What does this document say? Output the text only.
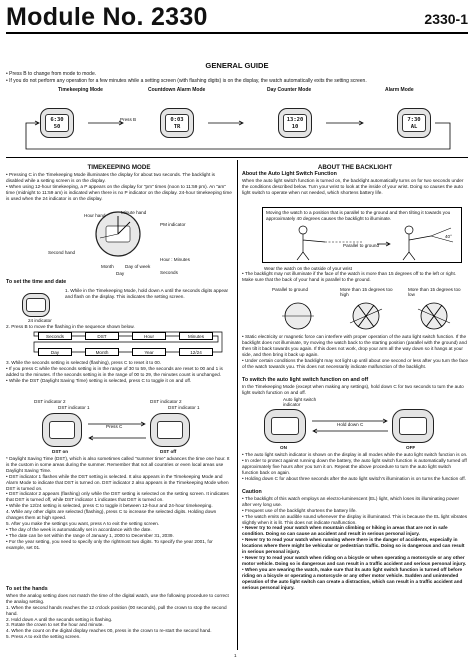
Module No. 2330	2330-1
GENERAL GUIDE
• Press B to change from mode to mode.
• If you do not perform any operation for a few minutes while a setting screen (with flashing digits) is on the display, the watch automatically exits the setting screen.
Timekeeping Mode	Countdown Alarm Mode	Day Counter Mode	Alarm Mode
Press B
6:30 50
0:03 TR
13:20 10
7:30 AL
TIMEKEEPING MODE
• Pressing C in the Timekeeping Mode illuminates the display for about two seconds. The backlight is disabled while a setting screen is on the display.
• When using 12-hour timekeeping, a P appears on the display for "pm" times (noon to 11:59 pm). An "am" time (midnight to 11:59 am) is indicated when there is no P indicator on the display. 24-hour timekeeping time is used when the 24 indicator is on the display.
Hour hand
Minute hand
PM indicator
Second hand
Hour : Minutes
Month Day of week
Day	Seconds
To set the time and date
1. While in the Timekeeping Mode, hold down A until the seconds digits appear and flash on the display. This indicates the setting screen.
24 indicator
2. Press B to move the flashing in the sequence shown below.
Seconds	DST	Hour	Minutes
Day	Month	Year	12/24
3. While the seconds setting is selected (flashing), press C to reset it to 00.
• If you press C while the seconds setting is in the range of 30 to 59, the seconds are reset to 00 and 1 is added to the minutes. If the seconds setting is in the range of 00 to 29, the minutes count is unchanged.
• While the DST (Daylight Saving Time) setting is selected, press C to toggle it on and off.
DST indicator 2	DST indicator 2
DST indicator 1	DST indicator 1
Press C
DST on	DST off
* Daylight Saving Time (DST), which is also sometimes called "summer time" advances the time one hour. It is the custom in some areas during the summer. Remember that not all countries or even local areas use Daylight Saving Time.
• DST indicator 1 flashes while the DST setting is selected. It also appears in the Timekeeping Mode and Alarm Mode to indicate that DST is turned on. DST indicator 2 also appears in the Timekeeping Mode when DST is turned on.
• DST indicator 2 appears (flashing) only while the DST setting is selected on the setting screen. It indicates that DST is turned off, while DST indicator 1 indicates that DST is turned on.
• While the 12/24 setting is selected, press C to toggle it between 12-hour and 24-hour timekeeping.
4. While any other digits are selected (flashing), press C to increase the selected digits. Holding down changes them at high speed.
5. After you make the settings you want, press A to exit the setting screen.
• The day of the week is automatically set in accordance with the date.
• The date can be set within the range of January 1, 2000 to December 31, 2039.
• For the year setting, you need to specify only the rightmost two digits. To specify the year 2001, for example, set 01.
To set the hands
When the analog setting does not match the time of the digital watch, use the following procedure to correct the analog setting.
1. When the second hands reaches the 12 o'clock position (00 seconds), pull the crown to stop the second hand.
2. Hold down A until the seconds setting is flashing.
3. Rotate the crown to set the hour and minute.
4. When the count on the digital display reaches 00, press in the crown to re-start the second hand.
5. Press A to exit the setting screen.
ABOUT THE BACKLIGHT
About the Auto Light Switch Function
When the auto light switch function is turned on, the backlight automatically turns on for two seconds under the conditions described below. Turn your wrist to look at the inside of your wrist. Doing so causes the auto light switch to operate when not needed, which shortens battery life.
Moving the watch to a position that is parallel to the ground and then tilting it towards you approximately 40 degrees causes the backlight to illuminate.
Parallel to ground
40°
Wear the watch on the outside of your wrist
• The backlight may not illuminate if the face of the watch is more than 15 degrees off to the left or right. Make sure that the back of your hand is parallel to the ground.
Parallel to ground	More than 15 degrees too high
More than 15 degrees too low
• Static electricity or magnetic force can interfere with proper operation of the auto light switch function. If the backlight does not illuminate, try moving the watch back to the starting position (parallel with the ground) and then tilt it back towards you again. If this does not work, drop your arm all the way down so it hangs at your side, and then bring it back up again.
• Under certain conditions the backlight may not light up until about one second or less after you turn the face of the watch towards you. This does not necessarily indicate malfunction of the backlight.
To switch the auto light switch function on and off
In the Timekeeping Mode (except when making any settings), hold down C for two seconds to turn the auto light switch function on and off.
Auto light switch indicator
Hold down C
ON	OFF
• The auto light switch indicator is shown on the display in all modes while the auto light switch function is on.
• In order to protect against running down the battery, the auto light switch function is automatically turned off approximately five hours after you turn it on. Repeat the above procedure to turn the auto light switch function back on again.
• Holding down C for about three seconds after the auto light switch's illumination is on turns the function off.
Caution
• The backlight of this watch employs an electro-luminescent (EL) light, which loses its illuminating power after very long use.
• Frequent use of the backlight shortens the battery life.
• The watch emits an audible sound whenever the display is illuminated. This is because the EL light vibrates slightly when it is lit. This does not indicate malfunction.
• Never try to read your watch when mountain climbing or hiking in areas that are not in safe condition. Doing so can cause an accident and result in serious personal injury.
• Never try to read your watch when running where there is the danger of accidents, especially in locations where there might be vehicular or pedestrian traffic. Doing so is dangerous and can result in serious personal injury.
• Never try to read your watch when riding on a bicycle or when operating a motorcycle or any other motor vehicle. Doing so is dangerous and can result in a traffic accident and serious personal injury.
• When you are wearing the watch, make sure that its auto light switch function is turned off before riding on a bicycle or operating a motorcycle or any other motor vehicle. Sudden and unintended operation of the auto light switch can create a distraction, which can result in a traffic accident and serious personal injury.
1
